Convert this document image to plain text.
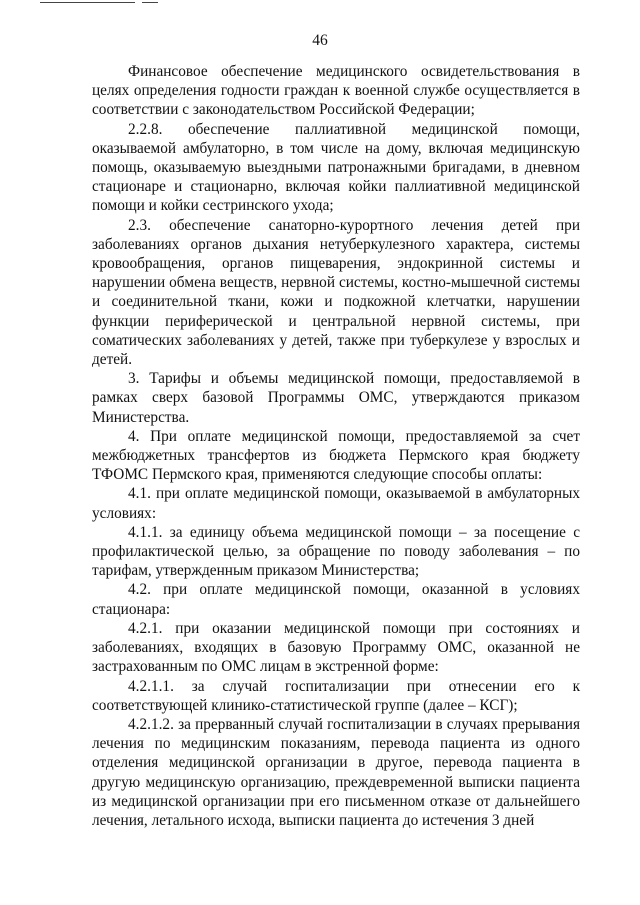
46

Финансовое обеспечение медицинского освидетельствования в целях определения годности граждан к военной службе осуществляется в соответствии с законодательством Российской Федерации;

2.2.8. обеспечение паллиативной медицинской помощи, оказываемой амбулаторно, в том числе на дому, включая медицинскую помощь, оказываемую выездными патронажными бригадами, в дневном стационаре и стационарно, включая койки паллиативной медицинской помощи и койки сестринского ухода;

2.3. обеспечение санаторно-курортного лечения детей при заболеваниях органов дыхания нетуберкулезного характера, системы кровообращения, органов пищеварения, эндокринной системы и нарушении обмена веществ, нервной системы, костно-мышечной системы и соединительной ткани, кожи и подкожной клетчатки, нарушении функции периферической и центральной нервной системы, при соматических заболеваниях у детей, также при туберкулезе у взрослых и детей.

3. Тарифы и объемы медицинской помощи, предоставляемой в рамках сверх базовой Программы ОМС, утверждаются приказом Министерства.

4. При оплате медицинской помощи, предоставляемой за счет межбюджетных трансфертов из бюджета Пермского края бюджету ТФОМС Пермского края, применяются следующие способы оплаты:

4.1. при оплате медицинской помощи, оказываемой в амбулаторных условиях:

4.1.1. за единицу объема медицинской помощи – за посещение с профилактической целью, за обращение по поводу заболевания – по тарифам, утвержденным приказом Министерства;

4.2. при оплате медицинской помощи, оказанной в условиях стационара:

4.2.1. при оказании медицинской помощи при состояниях и заболеваниях, входящих в базовую Программу ОМС, оказанной не застрахованным по ОМС лицам в экстренной форме:

4.2.1.1. за случай госпитализации при отнесении его к соответствующей клинико-статистической группе (далее – КСГ);

4.2.1.2. за прерванный случай госпитализации в случаях прерывания лечения по медицинским показаниям, перевода пациента из одного отделения медицинской организации в другое, перевода пациента в другую медицинскую организацию, преждевременной выписки пациента из медицинской организации при его письменном отказе от дальнейшего лечения, летального исхода, выписки пациента до истечения 3 дней
